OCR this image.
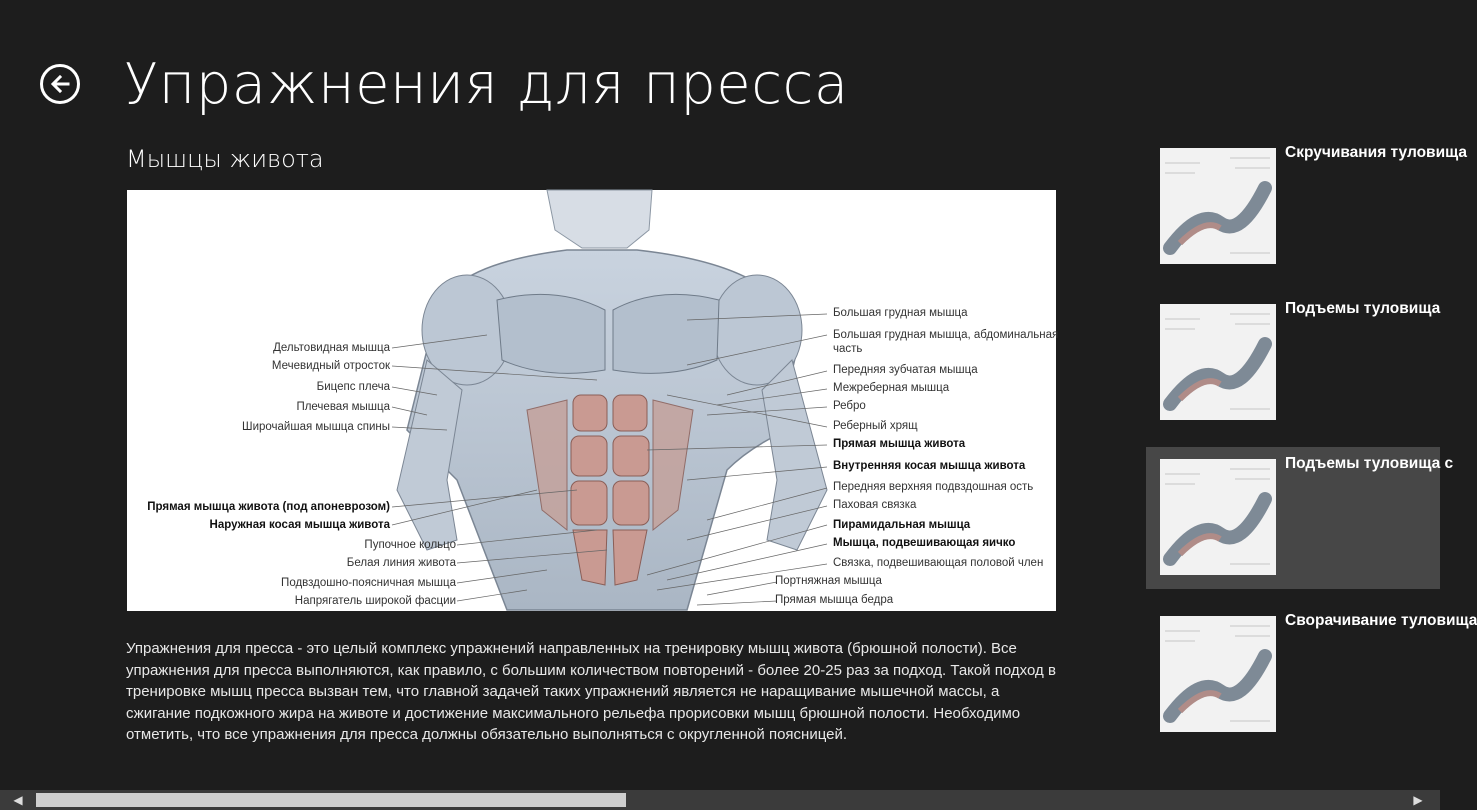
Упражнения для пресса
Мышцы живота
Дельтовидная мышца
Мечевидный отросток
Бицепс плеча
Плечевая мышца
Широчайшая мышца спины
Прямая мышца живота (под апоневрозом)
Наружная косая мышца живота
Пупочное кольцо
Белая линия живота
Подвздошно-поясничная мышца
Напрягатель широкой фасции
Большая грудная мышца
Большая грудная мышца, абдоминальная
часть
Передняя зубчатая мышца
Межреберная мышца
Ребро
Реберный хрящ
Прямая мышца живота
Внутренняя косая мышца живота
Передняя верхняя подвздошная ость
Паховая связка
Пирамидальная мышца
Мышца, подвешивающая яичко
Связка, подвешивающая половой член
Портняжная мышца
Прямая мышца бедра

Упражнения для пресса - это целый комплекс упражнений направленных на тренировку мышц живота (брюшной полости). Все упражнения для пресса выполняются, как правило, с большим количеством повторений - более 20-25 раз за подход. Такой подход в тренировке мышц пресса вызван тем, что главной задачей таких упражнений является не наращивание мышечной массы, а сжигание подкожного жира на животе и достижение максимального рельефа прорисовки мышц брюшной полости. Необходимо отметить, что все упражнения для пресса должны обязательно выполняться с округленной поясницей.

Скручивания туловища
Подъемы туловища
Подъемы туловища с
Сворачивание туловища
◀	▶
